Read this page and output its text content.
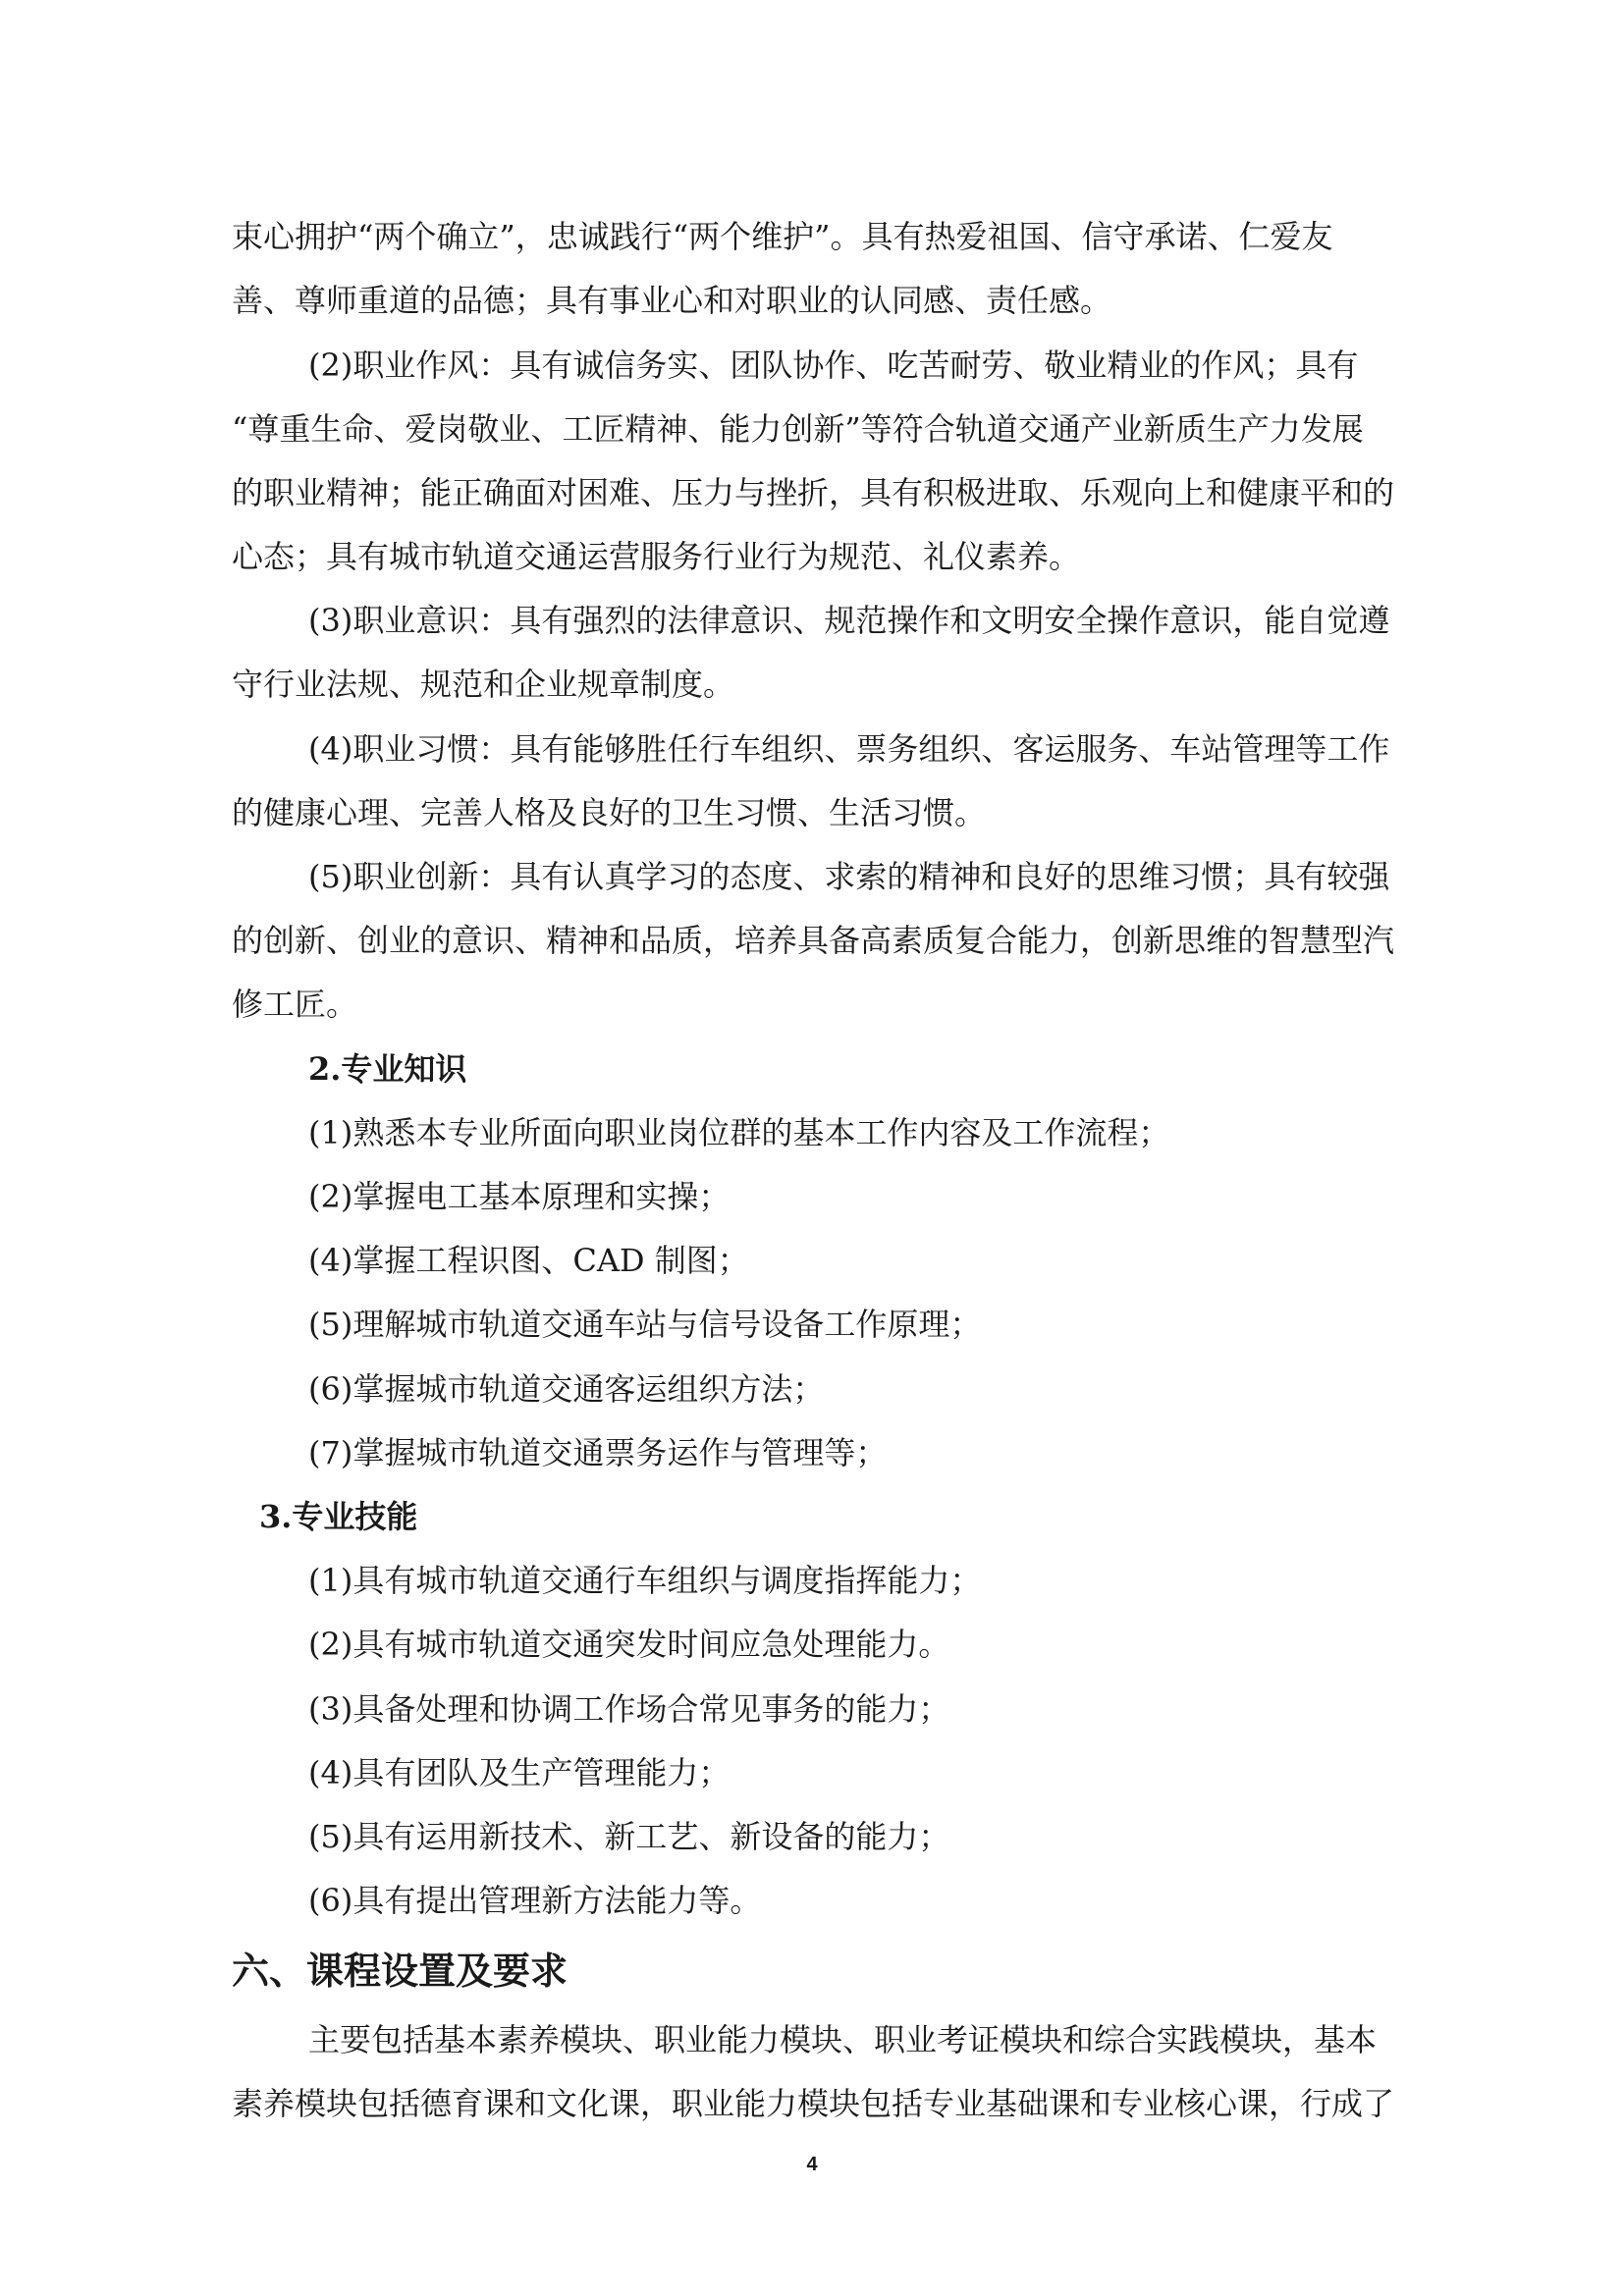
束心拥护“两个确立”，忠诚践行“两个维护”。具有热爱祖国、信守承诺、仁爱友

善、尊师重道的品德；具有事业心和对职业的认同感、责任感。

(2)职业作风：具有诚信务实、团队协作、吃苦耐劳、敬业精业的作风；具有

“尊重生命、爱岗敬业、工匠精神、能力创新”等符合轨道交通产业新质生产力发展

的职业精神；能正确面对困难、压力与挫折，具有积极进取、乐观向上和健康平和的

心态；具有城市轨道交通运营服务行业行为规范、礼仪素养。

(3)职业意识：具有强烈的法律意识、规范操作和文明安全操作意识，能自觉遵

守行业法规、规范和企业规章制度。

(4)职业习惯：具有能够胜任行车组织、票务组织、客运服务、车站管理等工作

的健康心理、完善人格及良好的卫生习惯、生活习惯。

(5)职业创新：具有认真学习的态度、求索的精神和良好的思维习惯；具有较强

的创新、创业的意识、精神和品质，培养具备高素质复合能力，创新思维的智慧型汽

修工匠。

2.专业知识

(1)熟悉本专业所面向职业岗位群的基本工作内容及工作流程；

(2)掌握电工基本原理和实操；

(4)掌握工程识图、CAD 制图；

(5)理解城市轨道交通车站与信号设备工作原理；

(6)掌握城市轨道交通客运组织方法；

(7)掌握城市轨道交通票务运作与管理等；

3.专业技能

(1)具有城市轨道交通行车组织与调度指挥能力；

(2)具有城市轨道交通突发时间应急处理能力。

(3)具备处理和协调工作场合常见事务的能力；

(4)具有团队及生产管理能力；

(5)具有运用新技术、新工艺、新设备的能力；

(6)具有提出管理新方法能力等。

六、课程设置及要求

主要包括基本素养模块、职业能力模块、职业考证模块和综合实践模块，基本

素养模块包括德育课和文化课，职业能力模块包括专业基础课和专业核心课，行成了

4
